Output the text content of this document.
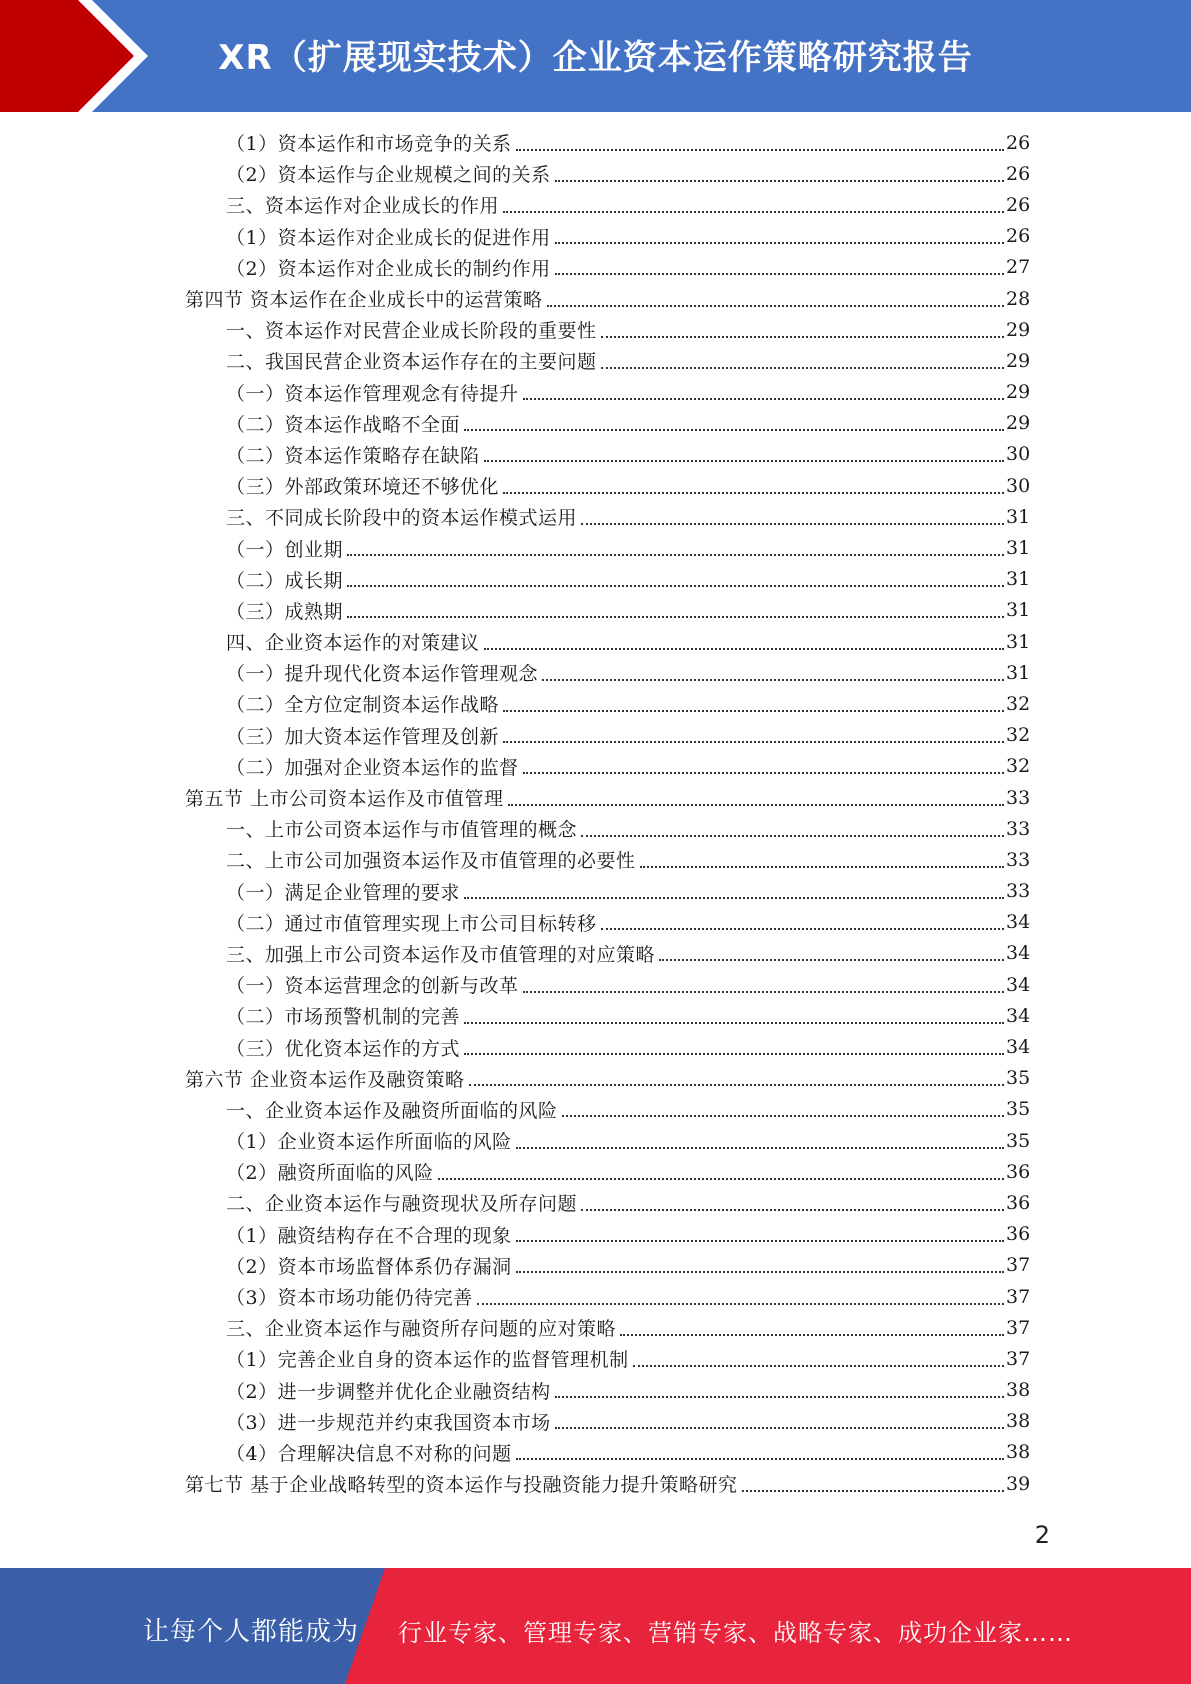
XR（扩展现实技术）企业资本运作策略研究报告
（1）资本运作和市场竞争的关系	26
（2）资本运作与企业规模之间的关系	26
三、资本运作对企业成长的作用	26
（1）资本运作对企业成长的促进作用	26
（2）资本运作对企业成长的制约作用	27
第四节 资本运作在企业成长中的运营策略	28
一、资本运作对民营企业成长阶段的重要性	29
二、我国民营企业资本运作存在的主要问题	29
（一）资本运作管理观念有待提升	29
（二）资本运作战略不全面	29
（二）资本运作策略存在缺陷	30
（三）外部政策环境还不够优化	30
三、不同成长阶段中的资本运作模式运用	31
（一）创业期	31
（二）成长期	31
（三）成熟期	31
四、企业资本运作的对策建议	31
（一）提升现代化资本运作管理观念	31
（二）全方位定制资本运作战略	32
（三）加大资本运作管理及创新	32
（二）加强对企业资本运作的监督	32
第五节 上市公司资本运作及市值管理	33
一、上市公司资本运作与市值管理的概念	33
二、上市公司加强资本运作及市值管理的必要性	33
（一）满足企业管理的要求	33
（二）通过市值管理实现上市公司目标转移	34
三、加强上市公司资本运作及市值管理的对应策略	34
（一）资本运营理念的创新与改革	34
（二）市场预警机制的完善	34
（三）优化资本运作的方式	34
第六节 企业资本运作及融资策略	35
一、企业资本运作及融资所面临的风险	35
（1）企业资本运作所面临的风险	35
（2）融资所面临的风险	36
二、企业资本运作与融资现状及所存问题	36
（1）融资结构存在不合理的现象	36
（2）资本市场监督体系仍存漏洞	37
（3）资本市场功能仍待完善	37
三、企业资本运作与融资所存问题的应对策略	37
（1）完善企业自身的资本运作的监督管理机制	37
（2）进一步调整并优化企业融资结构	38
（3）进一步规范并约束我国资本市场	38
（4）合理解决信息不对称的问题	38
第七节 基于企业战略转型的资本运作与投融资能力提升策略研究	39
2
让每个人都能成为 行业专家、管理专家、营销专家、战略专家、成功企业家……
